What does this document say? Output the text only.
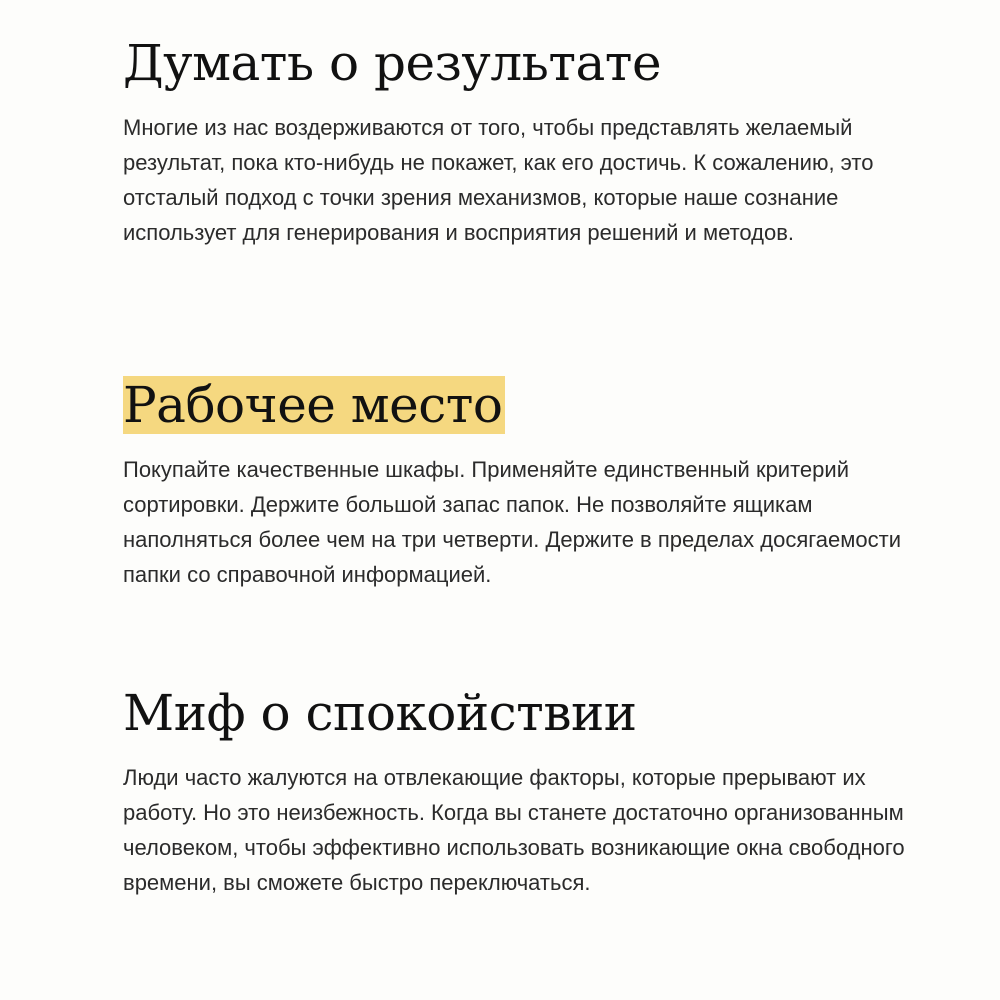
Думать о результате

Многие из нас воздерживаются от того, чтобы представлять желаемый результат, пока кто-нибудь не покажет, как его достичь. К сожалению, это отсталый подход с точки зрения механизмов, которые наше сознание использует для генерирования и восприятия решений и методов.

Рабочее место

Покупайте качественные шкафы. Применяйте единственный критерий сортировки. Держите большой запас папок. Не позволяйте ящикам наполняться более чем на три четверти. Держите в пределах досягаемости папки со справочной информацией.

Миф о спокойствии

Люди часто жалуются на отвлекающие факторы, которые прерывают их работу. Но это неизбежность. Когда вы станете достаточно организованным человеком, чтобы эффективно использовать возникающие окна свободного времени, вы сможете быстро переключаться.
